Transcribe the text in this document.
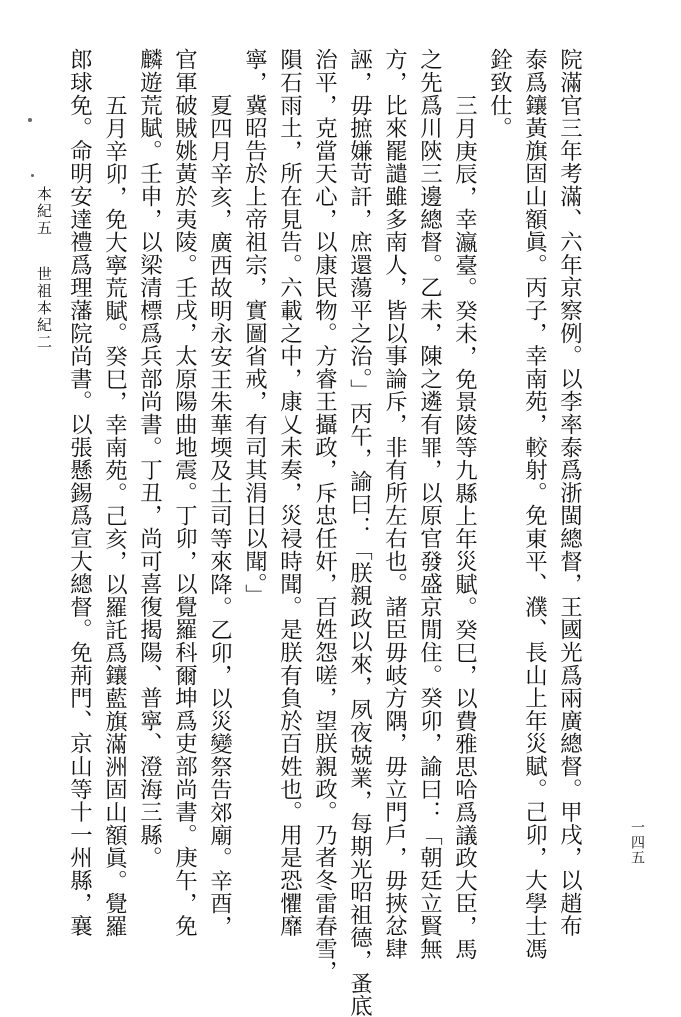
院滿官三年考滿、六年京察例。以李率泰爲浙閩總督，王國光爲兩廣總督。甲戌，以趙布
泰爲鑲黃旗固山額眞。丙子，幸南苑，較射。免東平、濮、長山上年災賦。己卯，大學士馮
銓致仕。
三月庚辰，幸瀛臺。癸未，免景陵等九縣上年災賦。癸巳，以費雅思哈爲議政大臣，馬
之先爲川陝三邊總督。乙未，陳之遴有罪，以原官發盛京閒住。癸卯，諭曰：「朝廷立賢無
方，比來罷譴雖多南人，皆以事論斥，非有所左右也。諸臣毋岐方隅，毋立門戶，毋挾忿肆
誣，毋摭嫌苛訐，庶還蕩平之治。」丙午，諭曰：「朕親政以來，夙夜兢業，每期光昭祖德，蚤底
治平，克當天心，以康民物。方睿王攝政，斥忠任奸，百姓怨嗟，望朕親政。乃者冬雷春雪，
隕石雨土，所在見告。六載之中，康乂未奏，災祲時聞。是朕有負於百姓也。用是恐懼靡
寧，冀昭告於上帝祖宗，實圖省戒，有司其涓日以聞。」
夏四月辛亥，廣西故明永安王朱華堧及土司等來降。乙卯，以災變祭告郊廟。辛酉，
官軍破賊姚黃於夷陵。壬戌，太原陽曲地震。丁卯，以覺羅科爾坤爲吏部尚書。庚午，免
麟遊荒賦。壬申，以梁清標爲兵部尚書。丁丑，尚可喜復揭陽、普寧、澄海三縣。
五月辛卯，免大寧荒賦。癸巳，幸南苑。己亥，以羅託爲鑲藍旗滿洲固山額眞。覺羅
郎球免。命明安達禮爲理藩院尚書。以張懸錫爲宣大總督。免荊門、京山等十一州縣，襄
本紀五
世祖本紀二
一四五
